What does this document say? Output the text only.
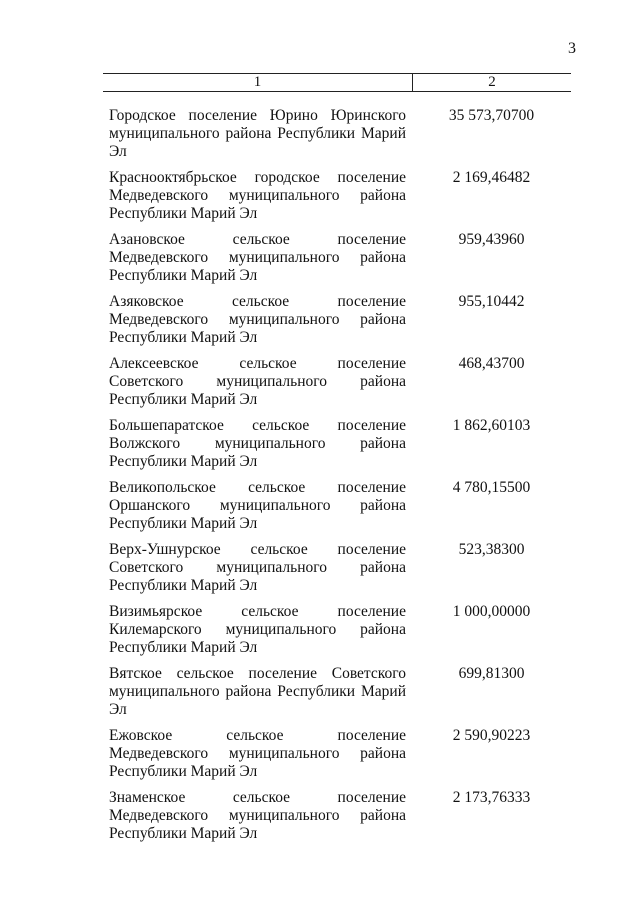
3
1	2
Городское поселение Юрино Юринского муниципального района Республики Марий Эл
35 573,70700
Краснооктябрьское городское поселение Медведевского муниципального района Республики Марий Эл
2 169,46482
Азановское сельское поселение Медведевского муниципального района Республики Марий Эл
959,43960
Азяковское сельское поселение Медведевского муниципального района Республики Марий Эл
955,10442
Алексеевское сельское поселение Советского муниципального района Республики Марий Эл
468,43700
Большепаратское сельское поселение Волжского муниципального района Республики Марий Эл
1 862,60103
Великопольское сельское поселение Оршанского муниципального района Республики Марий Эл
4 780,15500
Верх-Ушнурское сельское поселение Советского муниципального района Республики Марий Эл
523,38300
Визимьярское сельское поселение Килемарского муниципального района Республики Марий Эл
1 000,00000
Вятское сельское поселение Советского муниципального района Республики Марий Эл
699,81300
Ежовское сельское поселение Медведевского муниципального района Республики Марий Эл
2 590,90223
Знаменское сельское поселение Медведевского муниципального района Республики Марий Эл
2 173,76333
